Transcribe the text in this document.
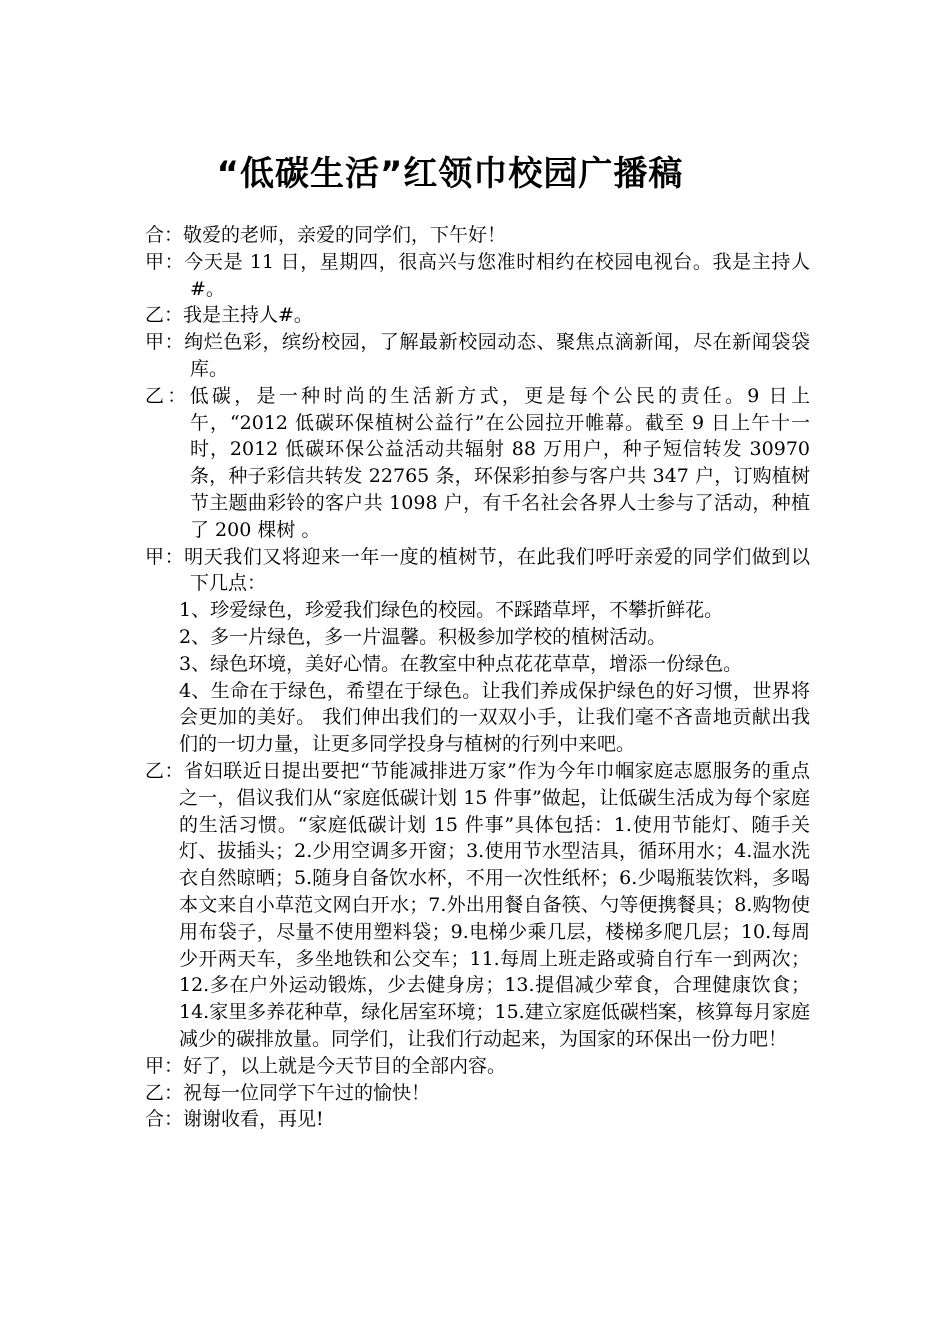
“低碳生活”红领巾校园广播稿

合：敬爱的老师，亲爱的同学们，下午好！

甲：今天是 11 日，星期四，很高兴与您准时相约在校园电视台。我是主持人#。

乙：我是主持人#。

甲：绚烂色彩，缤纷校园，了解最新校园动态、聚焦点滴新闻，尽在新闻袋袋库。

乙：低碳，是一种时尚的生活新方式，更是每个公民的责任。9 日上午，“2012 低碳环保植树公益行”在公园拉开帷幕。截至 9 日上午十一时，2012 低碳环保公益活动共辐射 88 万用户，种子短信转发 30970 条，种子彩信共转发 22765 条，环保彩拍参与客户共 347 户，订购植树节主题曲彩铃的客户共 1098 户，有千名社会各界人士参与了活动，种植了 200 棵树 。

甲：明天我们又将迎来一年一度的植树节，在此我们呼吁亲爱的同学们做到以下几点：

1、珍爱绿色，珍爱我们绿色的校园。不踩踏草坪，不攀折鲜花。

2、多一片绿色，多一片温馨。积极参加学校的植树活动。

3、绿色环境，美好心情。在教室中种点花花草草，增添一份绿色。

4、生命在于绿色，希望在于绿色。让我们养成保护绿色的好习惯，世界将会更加的美好。 我们伸出我们的一双双小手，让我们毫不吝啬地贡献出我们的一切力量，让更多同学投身与植树的行列中来吧。

乙：省妇联近日提出要把“节能减排进万家”作为今年巾帼家庭志愿服务的重点之一，倡议我们从“家庭低碳计划 15 件事”做起，让低碳生活成为每个家庭的生活习惯。“家庭低碳计划 15 件事”具体包括：1.使用节能灯、随手关灯、拔插头；2.少用空调多开窗；3.使用节水型洁具，循环用水；4.温水洗衣自然晾晒；5.随身自备饮水杯，不用一次性纸杯；6.少喝瓶装饮料，多喝本文来自小草范文网白开水；7.外出用餐自备筷、勺等便携餐具；8.购物使用布袋子，尽量不使用塑料袋；9.电梯少乘几层，楼梯多爬几层；10.每周少开两天车，多坐地铁和公交车；11.每周上班走路或骑自行车一到两次；12.多在户外运动锻炼，少去健身房；13.提倡减少荤食，合理健康饮食；14.家里多养花种草，绿化居室环境；15.建立家庭低碳档案，核算每月家庭减少的碳排放量。同学们，让我们行动起来，为国家的环保出一份力吧！

甲：好了，以上就是今天节目的全部内容。

乙：祝每一位同学下午过的愉快！

合：谢谢收看，再见!
